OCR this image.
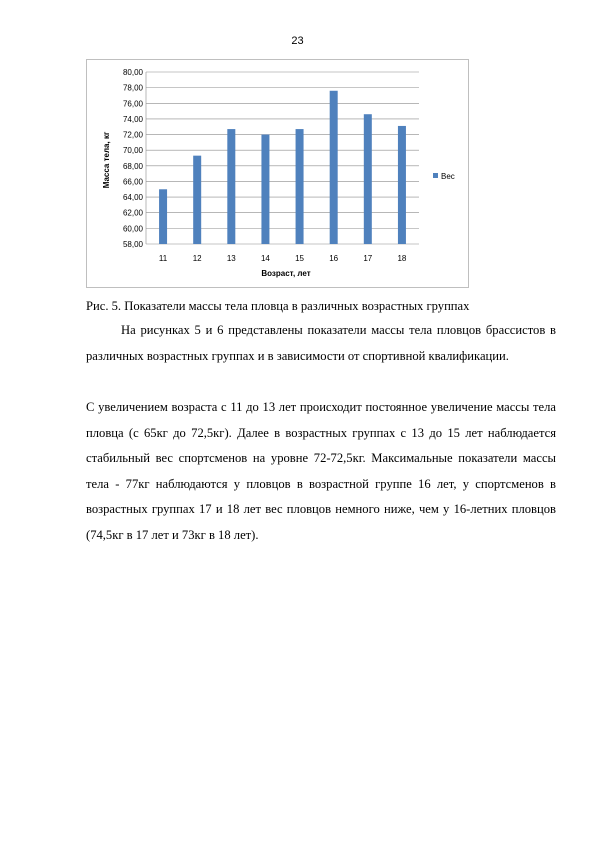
23
58,00
60,00
62,00
64,00
66,00
68,00
70,00
72,00
74,00
76,00
78,00
80,00
11	12	13	14	15	16	17	18
Возраст, лет
Масса тела, кг	Вес
Рис. 5. Показатели массы тела пловца в различных возрастных группах
На рисунках 5 и 6 представлены показатели массы тела пловцов брассистов в различных возрастных группах и в зависимости от спортивной квалификации.
С увеличением возраста с 11 до 13 лет происходит постоянное увеличение массы тела пловца (с 65кг до 72,5кг). Далее в возрастных группах с 13 до 15 лет наблюдается стабильный вес спортсменов на уровне 72-72,5кг. Максимальные показатели массы тела - 77кг наблюдаются у пловцов в возрастной группе 16 лет, у спортсменов в возрастных группах 17 и 18 лет вес пловцов немного ниже, чем у 16-летних пловцов (74,5кг в 17 лет и 73кг в 18 лет).
